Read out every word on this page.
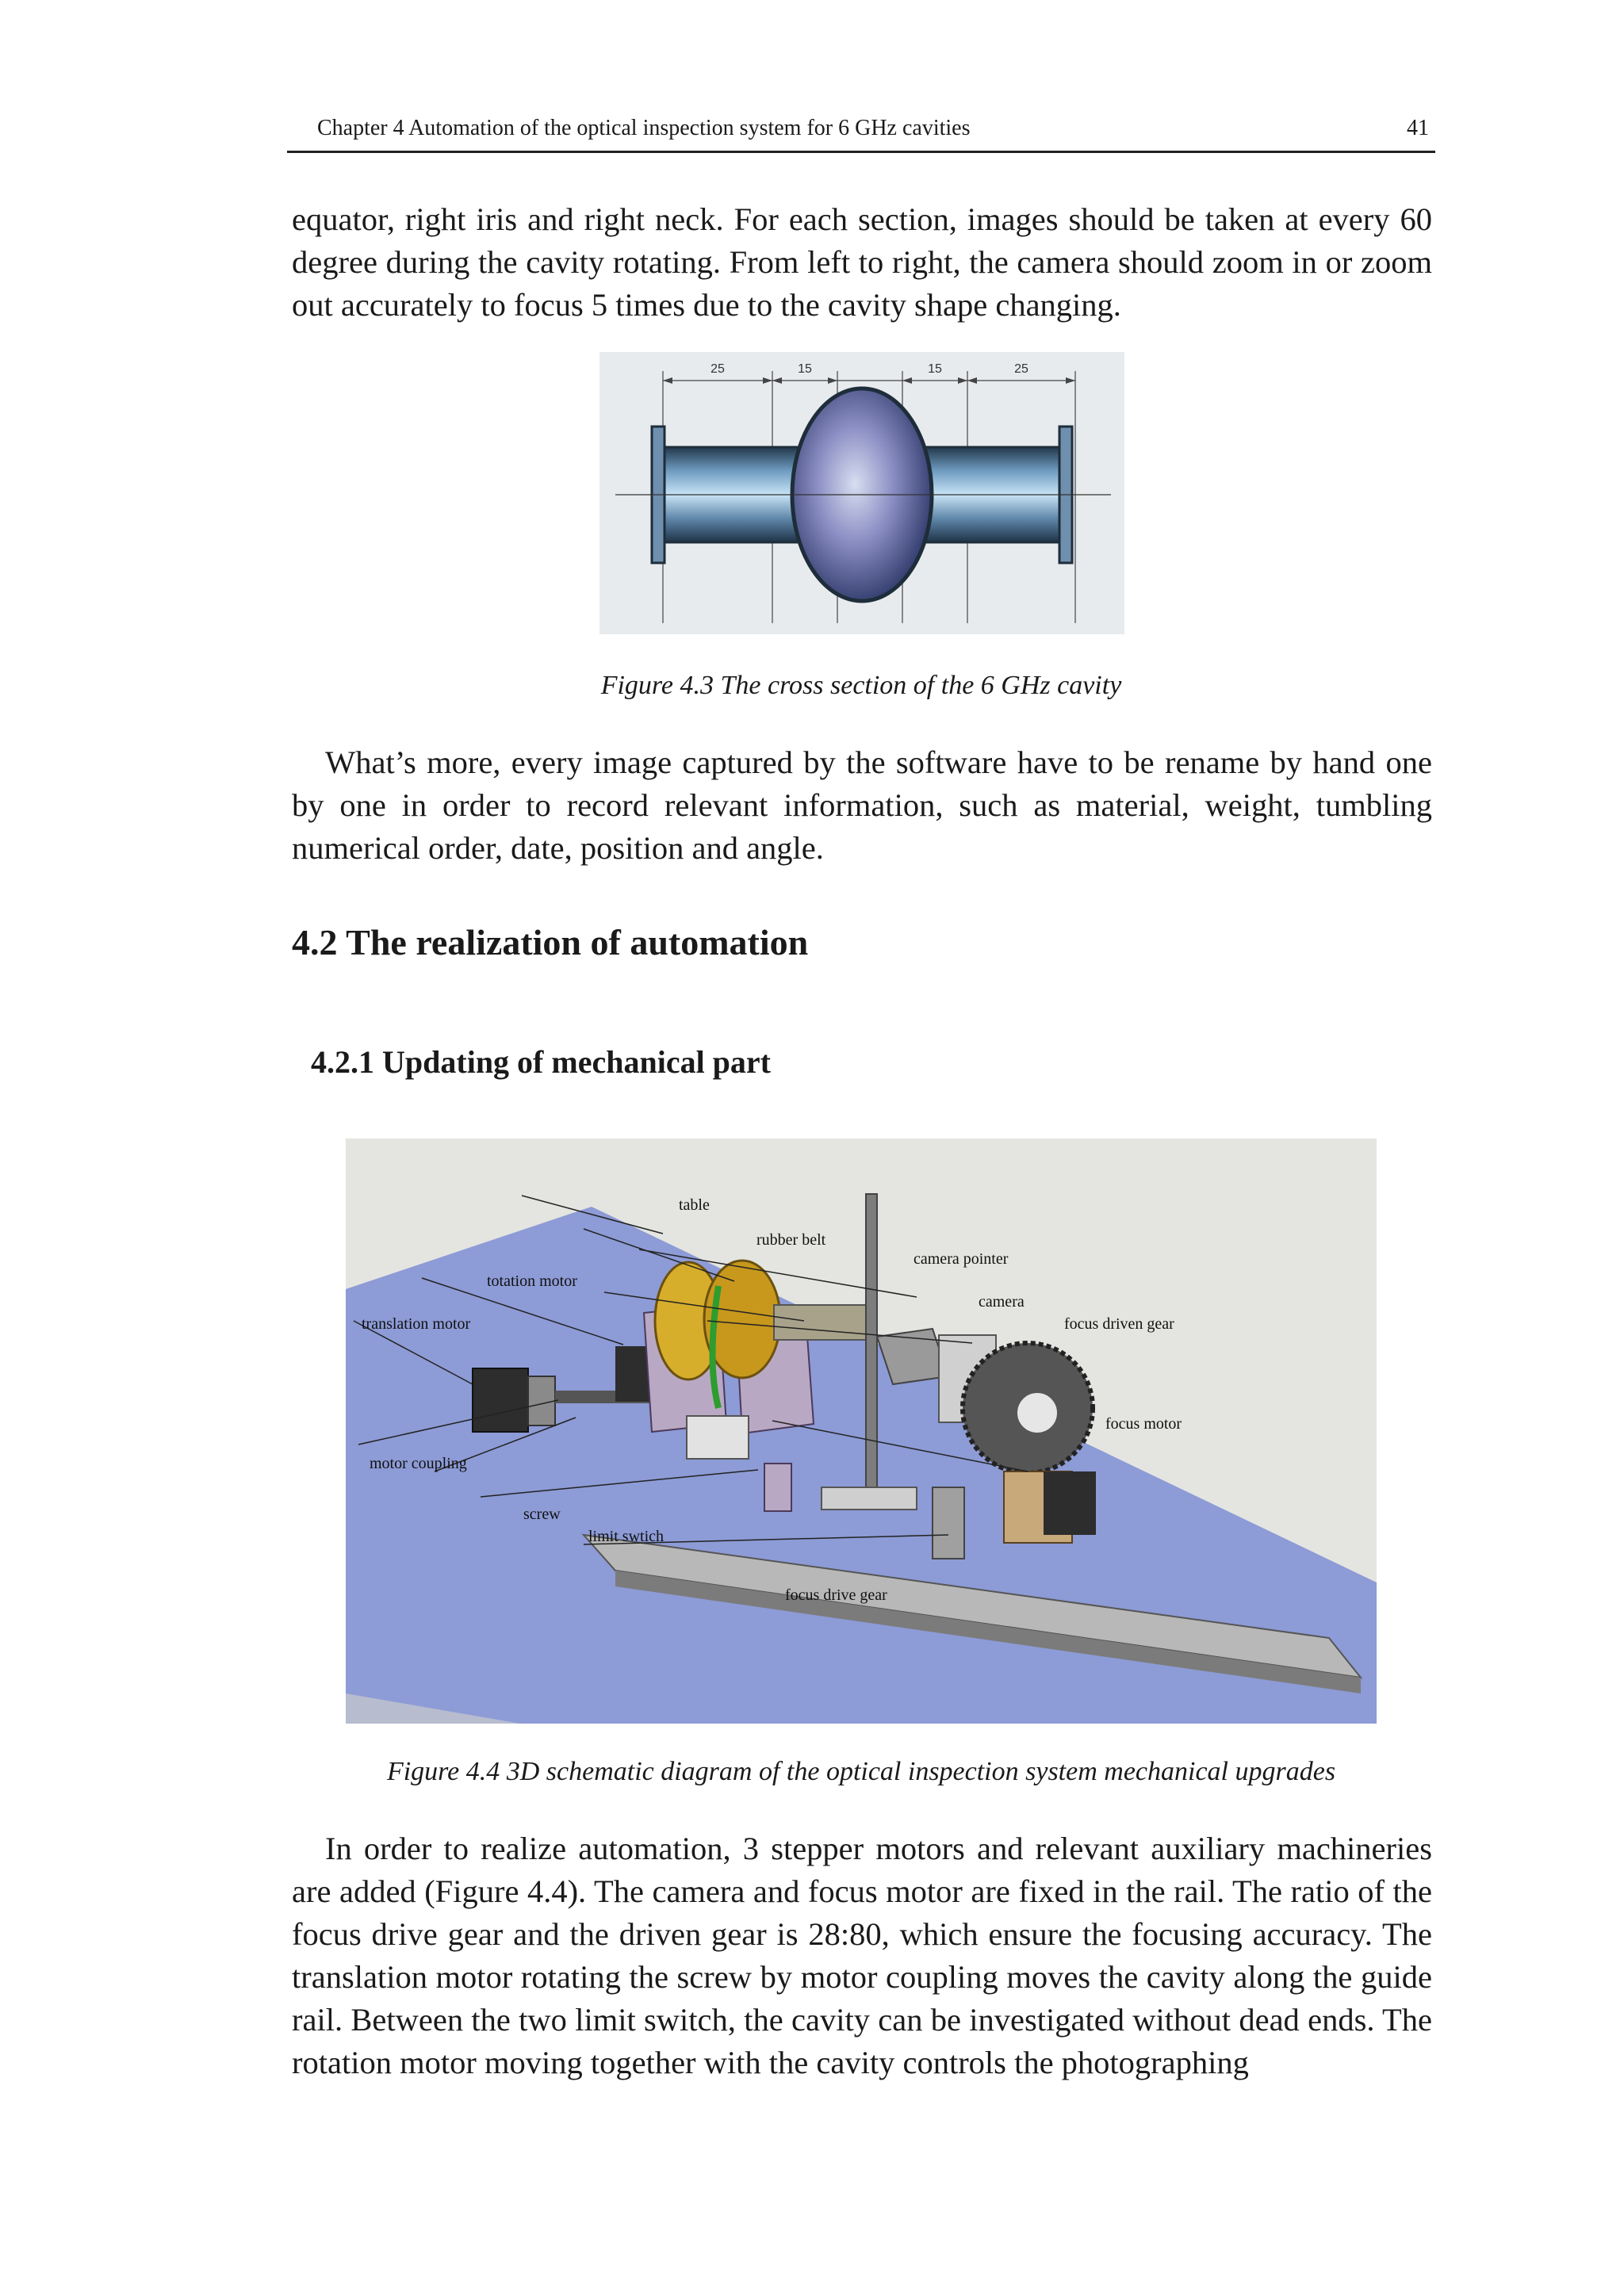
Chapter 4 Automation of the optical inspection system for 6 GHz cavities	41

equator, right iris and right neck. For each section, images should be taken at every 60 degree during the cavity rotating. From left to right, the camera should zoom in or zoom out accurately to focus 5 times due to the cavity shape changing.

25	15	15	25
Figure 4.3 The cross section of the 6 GHz cavity

What’s more, every image captured by the software have to be rename by hand one by one in order to record relevant information, such as material, weight, tumbling numerical order, date, position and angle.

4.2 The realization of automation
4.2.1 Updating of mechanical part
table
rubber belt
camera pointer
totation motor
camera
translation motor	focus driven gear
focus motor
motor coupling
screw
limit swtich
focus drive gear
Figure 4.4 3D schematic diagram of the optical inspection system mechanical upgrades

In order to realize automation, 3 stepper motors and relevant auxiliary machineries are added (Figure 4.4). The camera and focus motor are fixed in the rail. The ratio of the focus drive gear and the driven gear is 28:80, which ensure the focusing accuracy. The translation motor rotating the screw by motor coupling moves the cavity along the guide rail. Between the two limit switch, the cavity can be investigated without dead ends. The rotation motor moving together with the cavity controls the photographing
